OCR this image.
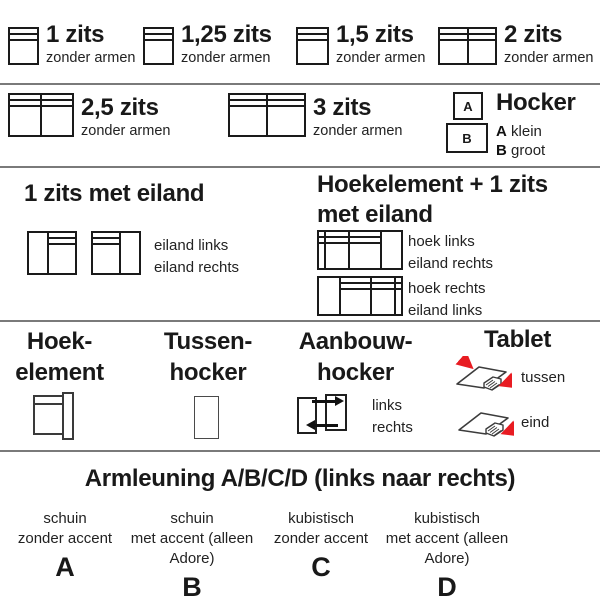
1 zits
zonder armen
1,25 zits
zonder armen
1,5 zits
zonder armen
2 zits
zonder armen
2,5 zits
zonder armen
3 zits
zonder armen
A
B
Hocker
A klein
B groot
1 zits met eiland
eiland links
eiland rechts
Hoekelement + 1 zits
met eiland
hoek links
eiland rechts
hoek rechts
eiland links
Hoek-
element
Tussen-
hocker
Aanbouw-
hocker
links
rechts
Tablet
tussen
eind
Armleuning A/B/C/D (links naar rechts)
schuin
zonder accent
A
schuin
met accent (alleen Adore)
B
kubistisch
zonder accent
C
kubistisch
met accent (alleen Adore)
D
